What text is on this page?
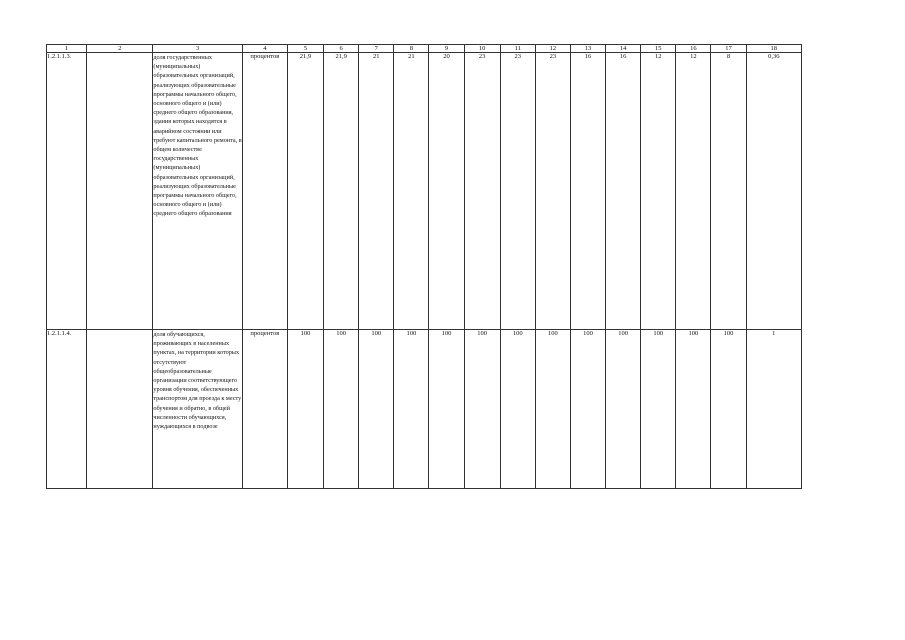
1	2	3	4	5	6	7	8	9	10	11	12	13	14	15	16	17	18
1.2.1.1.3.		доля государственных (муниципальных) образовательных организаций, реализующих образовательные программы начального общего, основного общего и (или) среднего общего образования, здания которых находятся в аварийном состоянии или требуют капитального ремонта, в общем количестве государственных (муниципальных) образовательных организаций, реализующих образовательные программы начального общего, основного общего и (или) среднего общего образования	процентов	21,9	21,9	21	21	20	23	23	23	16	16	12	12	8	0,36
1.2.1.1.4.		доля обучающихся, проживающих в населенных пунктах, на территории которых отсутствуют общеобразовательные организации соответствующего уровня обучения, обеспеченных транспортом для проезда к месту обучения и обратно, в общей численности обучающихся, нуждающихся в подвозе	процентов	100	100	100	100	100	100	100	100	100	100	100	100	100	1
